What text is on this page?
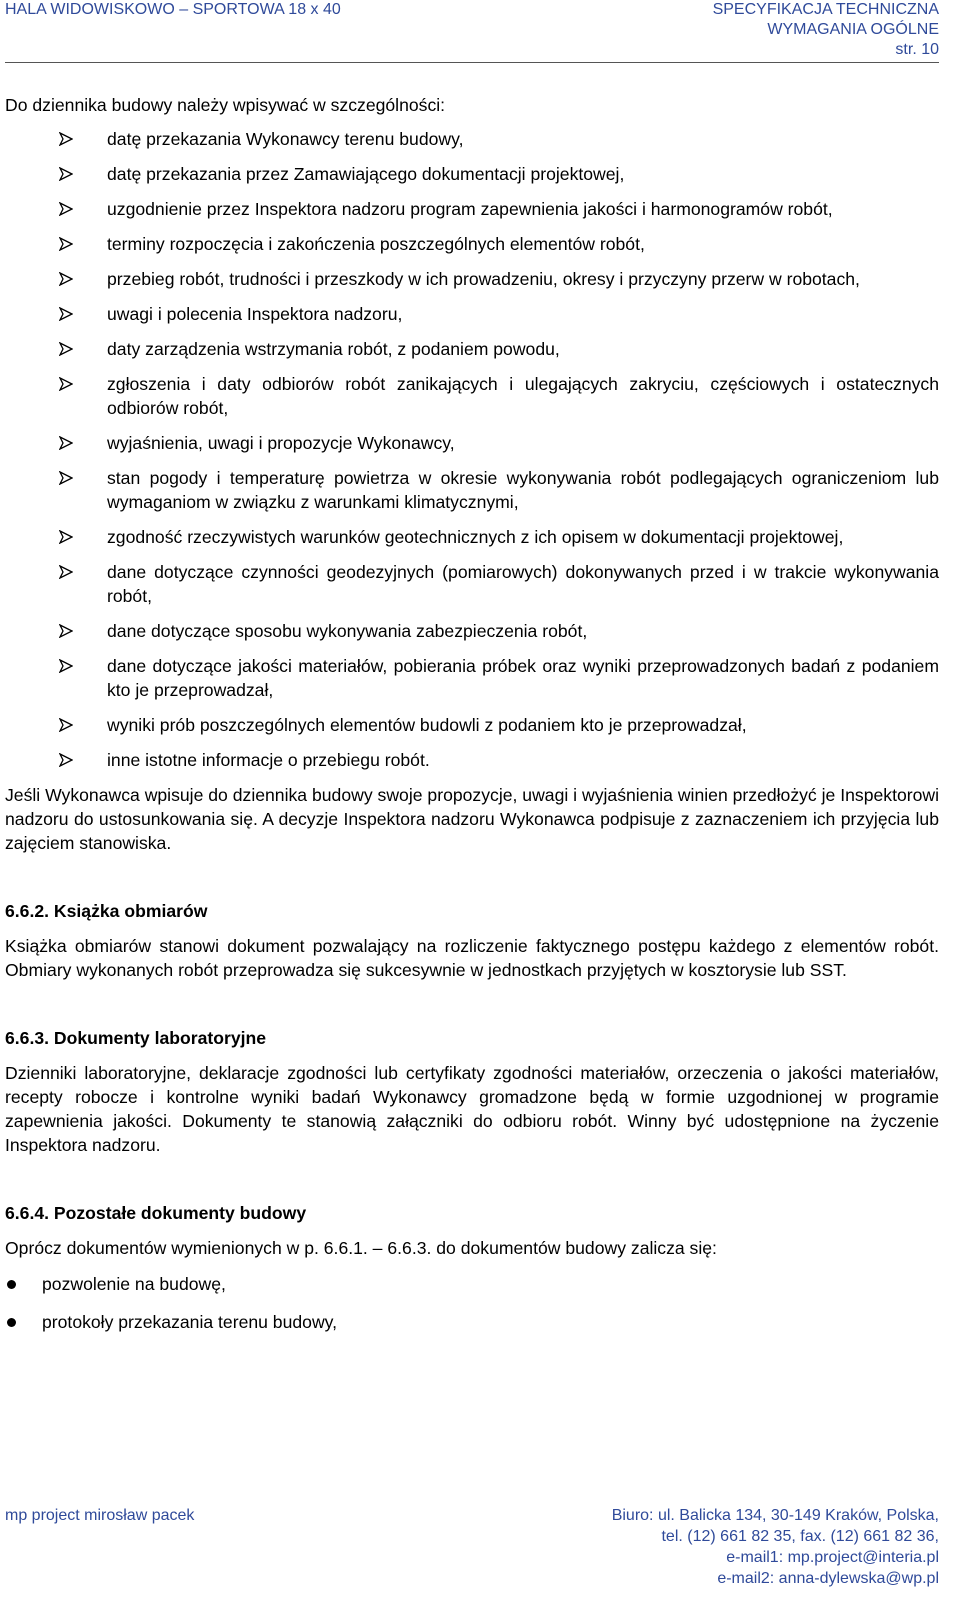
HALA WIDOWISKOWO – SPORTOWA 18 x 40	SPECYFIKACJA TECHNICZNA
WYMAGANIA OGÓLNE
str. 10

Do dziennika budowy należy wpisywać w szczególności:

datę przekazania Wykonawcy terenu budowy,
datę przekazania przez Zamawiającego dokumentacji projektowej,
uzgodnienie przez Inspektora nadzoru program zapewnienia jakości i harmonogramów robót,
terminy rozpoczęcia i zakończenia poszczególnych elementów robót,
przebieg robót, trudności i przeszkody w ich prowadzeniu, okresy i przyczyny przerw w robotach,
uwagi i polecenia Inspektora nadzoru,
daty zarządzenia wstrzymania robót, z podaniem powodu,
zgłoszenia i daty odbiorów robót zanikających i ulegających zakryciu, częściowych i ostatecznych odbiorów robót,
wyjaśnienia, uwagi i propozycje Wykonawcy,
stan pogody i temperaturę powietrza w okresie wykonywania robót podlegających ograniczeniom lub wymaganiom w związku z warunkami klimatycznymi,
zgodność rzeczywistych warunków geotechnicznych z ich opisem w dokumentacji projektowej,
dane dotyczące czynności geodezyjnych (pomiarowych) dokonywanych przed i w trakcie wykonywania robót,
dane dotyczące sposobu wykonywania zabezpieczenia robót,
dane dotyczące jakości materiałów, pobierania próbek oraz wyniki przeprowadzonych badań z podaniem kto je przeprowadzał,
wyniki prób poszczególnych elementów budowli z podaniem kto je przeprowadzał,
inne istotne informacje o przebiegu robót.

Jeśli Wykonawca wpisuje do dziennika budowy swoje propozycje, uwagi i wyjaśnienia winien przedłożyć je Inspektorowi nadzoru do ustosunkowania się. A decyzje Inspektora nadzoru Wykonawca podpisuje z zaznaczeniem ich przyjęcia lub zajęciem stanowiska.

6.6.2. Książka obmiarów

Książka obmiarów stanowi dokument pozwalający na rozliczenie faktycznego postępu każdego z elementów robót. Obmiary wykonanych robót przeprowadza się sukcesywnie w jednostkach przyjętych w kosztorysie lub SST.

6.6.3. Dokumenty laboratoryjne

Dzienniki laboratoryjne, deklaracje zgodności lub certyfikaty zgodności materiałów, orzeczenia o jakości materiałów, recepty robocze i kontrolne wyniki badań Wykonawcy gromadzone będą w formie uzgodnionej w programie zapewnienia jakości. Dokumenty te stanowią załączniki do odbioru robót. Winny być udostępnione na życzenie Inspektora nadzoru.

6.6.4. Pozostałe dokumenty budowy

Oprócz dokumentów wymienionych w p. 6.6.1. – 6.6.3. do dokumentów budowy zalicza się:

pozwolenie na budowę,
protokoły przekazania terenu budowy,
mp project mirosław pacek	Biuro: ul. Balicka 134, 30-149 Kraków, Polska,
tel. (12) 661 82 35, fax. (12) 661 82 36,
e-mail1: mp.project@interia.pl
e-mail2: anna-dylewska@wp.pl
